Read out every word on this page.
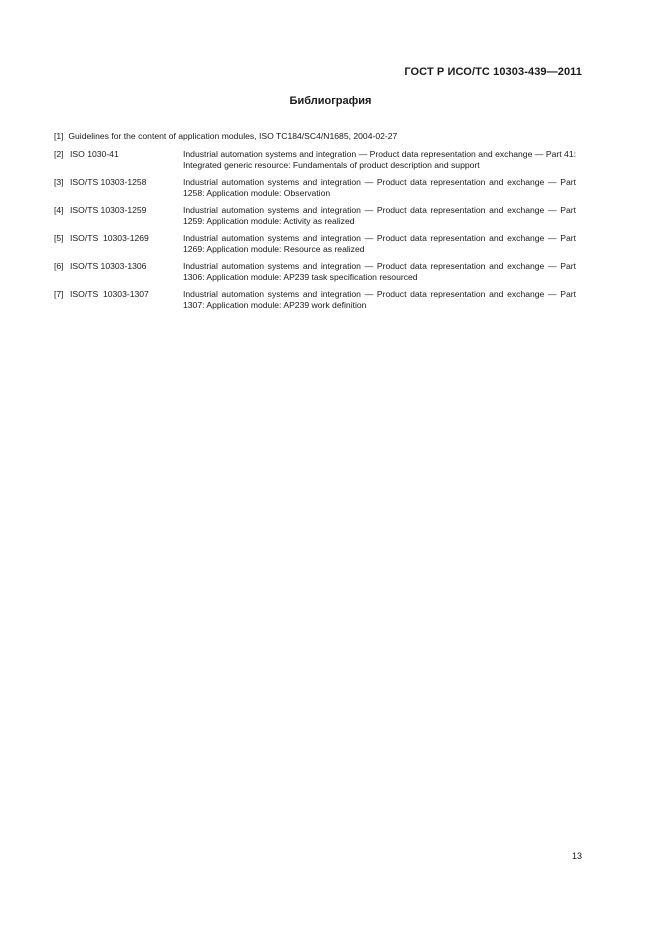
ГОСТ Р ИСО/ТС 10303-439—2011
Библиография
[1] Guidelines for the content of application modules, ISO TC184/SC4/N1685, 2004-02-27
[2] ISO 1030-41	Industrial automation systems and integration — Product data representation and exchange — Part 41: Integrated generic resource: Fundamentals of product description and support
[3] ISO/TS 10303-1258	Industrial automation systems and integration — Product data representation and exchange — Part 1258: Application module: Observation
[4] ISO/TS 10303-1259	Industrial automation systems and integration — Product data representation and exchange — Part 1259: Application module: Activity as realized
[5] ISO/TS  10303-1269	Industrial automation systems and integration — Product data representation and exchange — Part 1269: Application module: Resource as realized
[6] ISO/TS 10303-1306	Industrial automation systems and integration — Product data representation and exchange — Part 1306: Application module: AP239 task specification resourced
[7] ISO/TS  10303-1307	Industrial automation systems and integration — Product data representation and exchange — Part 1307: Application module: AP239 work definition
13
